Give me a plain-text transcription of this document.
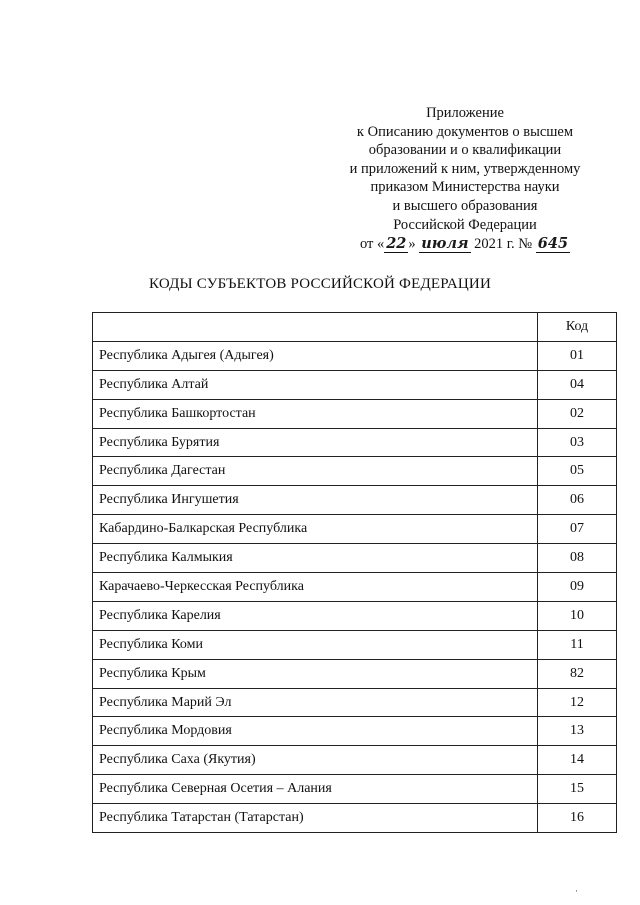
Приложение
к Описанию документов о высшем
образовании и о квалификации
и приложений к ним, утвержденному
приказом Министерства науки
и высшего образования
Российской Федерации
от « 22 » июля 2021 г. № 645
КОДЫ СУБЪЕКТОВ РОССИЙСКОЙ ФЕДЕРАЦИИ
	Код
Республика Адыгея (Адыгея)	01
Республика Алтай	04
Республика Башкортостан	02
Республика Бурятия	03
Республика Дагестан	05
Республика Ингушетия	06
Кабардино-Балкарская Республика	07
Республика Калмыкия	08
Карачаево-Черкесская Республика	09
Республика Карелия	10
Республика Коми	11
Республика Крым	82
Республика Марий Эл	12
Республика Мордовия	13
Республика Саха (Якутия)	14
Республика Северная Осетия – Алания	15
Республика Татарстан (Татарстан)	16
·
